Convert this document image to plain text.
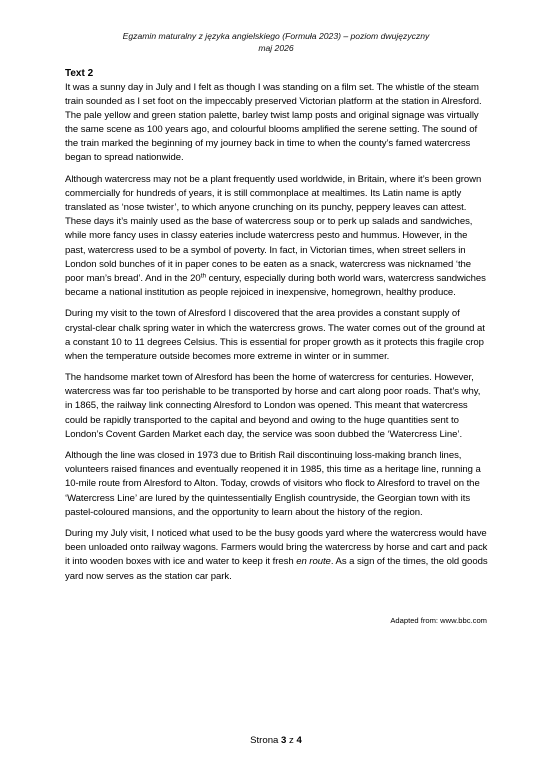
Egzamin maturalny z języka angielskiego (Formuła 2023) – poziom dwujęzyczny
maj 2026
Text 2

It was a sunny day in July and I felt as though I was standing on a film set. The whistle of the steam train sounded as I set foot on the impeccably preserved Victorian platform at the station in Alresford. The pale yellow and green station palette, barley twist lamp posts and original signage was virtually the same scene as 100 years ago, and colourful blooms amplified the serene setting. The sound of the train marked the beginning of my journey back in time to when the county’s famed watercress began to spread nationwide.

Although watercress may not be a plant frequently used worldwide, in Britain, where it’s been grown commercially for hundreds of years, it is still commonplace at mealtimes. Its Latin name is aptly translated as ‘nose twister’, to which anyone crunching on its punchy, peppery leaves can attest. These days it’s mainly used as the base of watercress soup or to perk up salads and sandwiches, while more fancy uses in classy eateries include watercress pesto and hummus. However, in the past, watercress used to be a symbol of poverty. In fact, in Victorian times, when street sellers in London sold bunches of it in paper cones to be eaten as a snack, watercress was nicknamed ‘the poor man’s bread’. And in the 20th century, especially during both world wars, watercress sandwiches became a national institution as people rejoiced in inexpensive, homegrown, healthy produce.

During my visit to the town of Alresford I discovered that the area provides a constant supply of crystal-clear chalk spring water in which the watercress grows. The water comes out of the ground at a constant 10 to 11 degrees Celsius. This is essential for proper growth as it protects this fragile crop when the temperature outside becomes more extreme in winter or in summer.

The handsome market town of Alresford has been the home of watercress for centuries. However, watercress was far too perishable to be transported by horse and cart along poor roads. That’s why, in 1865, the railway link connecting Alresford to London was opened. This meant that watercress could be rapidly transported to the capital and beyond and owing to the huge quantities sent to London’s Covent Garden Market each day, the service was soon dubbed the ‘Watercress Line’.

Although the line was closed in 1973 due to British Rail discontinuing loss-making branch lines, volunteers raised finances and eventually reopened it in 1985, this time as a heritage line, running a 10-mile route from Alresford to Alton. Today, crowds of visitors who flock to Alresford to travel on the ‘Watercress Line’ are lured by the quintessentially English countryside, the Georgian town with its pastel-coloured mansions, and the opportunity to learn about the history of the region.

During my July visit, I noticed what used to be the busy goods yard where the watercress would have been unloaded onto railway wagons. Farmers would bring the watercress by horse and cart and pack it into wooden boxes with ice and water to keep it fresh en route. As a sign of the times, the old goods yard now serves as the station car park.

Adapted from: www.bbc.com
Strona 3 z 4
